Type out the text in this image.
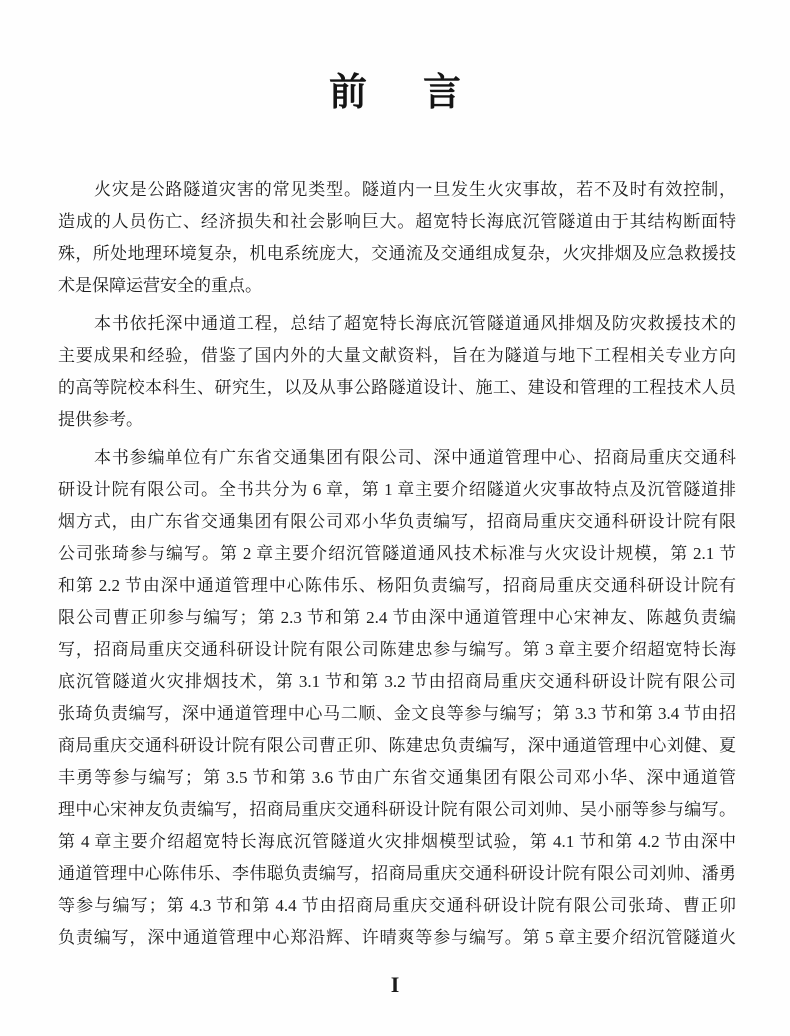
前言
火灾是公路隧道灾害的常见类型。隧道内一旦发生火灾事故，若不及时有效控制，
造成的人员伤亡、经济损失和社会影响巨大。超宽特长海底沉管隧道由于其结构断面特
殊，所处地理环境复杂，机电系统庞大，交通流及交通组成复杂，火灾排烟及应急救援技
术是保障运营安全的重点。
本书依托深中通道工程，总结了超宽特长海底沉管隧道通风排烟及防灾救援技术的
主要成果和经验，借鉴了国内外的大量文献资料，旨在为隧道与地下工程相关专业方向
的高等院校本科生、研究生，以及从事公路隧道设计、施工、建设和管理的工程技术人员
提供参考。
本书参编单位有广东省交通集团有限公司、深中通道管理中心、招商局重庆交通科
研设计院有限公司。全书共分为 6 章，第 1 章主要介绍隧道火灾事故特点及沉管隧道排
烟方式，由广东省交通集团有限公司邓小华负责编写，招商局重庆交通科研设计院有限
公司张琦参与编写。第 2 章主要介绍沉管隧道通风技术标准与火灾设计规模，第 2.1 节
和第 2.2 节由深中通道管理中心陈伟乐、杨阳负责编写，招商局重庆交通科研设计院有
限公司曹正卯参与编写；第 2.3 节和第 2.4 节由深中通道管理中心宋神友、陈越负责编
写，招商局重庆交通科研设计院有限公司陈建忠参与编写。第 3 章主要介绍超宽特长海
底沉管隧道火灾排烟技术，第 3.1 节和第 3.2 节由招商局重庆交通科研设计院有限公司
张琦负责编写，深中通道管理中心马二顺、金文良等参与编写；第 3.3 节和第 3.4 节由招
商局重庆交通科研设计院有限公司曹正卯、陈建忠负责编写，深中通道管理中心刘健、夏
丰勇等参与编写；第 3.5 节和第 3.6 节由广东省交通集团有限公司邓小华、深中通道管
理中心宋神友负责编写，招商局重庆交通科研设计院有限公司刘帅、吴小丽等参与编写。
第 4 章主要介绍超宽特长海底沉管隧道火灾排烟模型试验，第 4.1 节和第 4.2 节由深中
通道管理中心陈伟乐、李伟聪负责编写，招商局重庆交通科研设计院有限公司刘帅、潘勇
等参与编写；第 4.3 节和第 4.4 节由招商局重庆交通科研设计院有限公司张琦、曹正卯
负责编写，深中通道管理中心郑沿辉、许晴爽等参与编写。第 5 章主要介绍沉管隧道火
I
